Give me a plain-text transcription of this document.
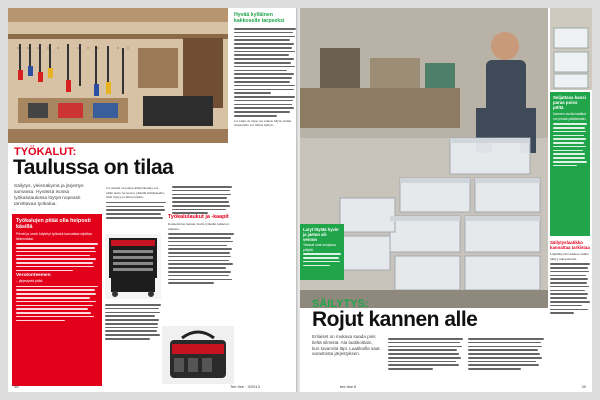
Hyvää kylläinen kakkoselle tarpeeksi
Jos taulu on täysi, tee toinen. Myös taulun alapuolelle voi laittaa hyllyn.
TYÖKALUT:
Taulussa on tilaa
Säilytys, yleisnäkymä ja järjestys samassa. Hyvässä isossa työkalutaulussa löytyä nopeasti tarvittavaa työkalua.
Jos sinulla on paljon käsityökaluja, tee niille taulu. Se kertoo yhdellä silmäyksellä, mitä löytyy ja mitä puuttuu.
Työkalujen pitää olla helposti käsillä
Pienet ja usein käytetyt työkalut kannattaa sijoittaa lähimmäksi.
Verotonteemen
– järjestystä pitää
Työkalulaukut ja -kaapit
Kannettavan laukun avulla työkalut kulkevat mukana.
38	Tee Itse · 4/2013
Seljattava kansi paras poiss pöltä
Kannen avulla laatikot voi pinota päällekkäin.
Säilytyslaatikko kannattaa tarkistaa
Läpinäkyvän laatikon sisältö näkyy ulkopuolelle.
Laryt löytää hyvin ja jaetun ali-veroon
Tavarat ovat suojassa pölyltä.
SÄILYTYS:
Rojut kannen alle
Erilaiset on mukava saada pois tieltä silmistä. Ala laatikoittain, kun tavaroita läpi. Laatikoilla saat varastosta järjestyksen.
tee-itse.fi	39
